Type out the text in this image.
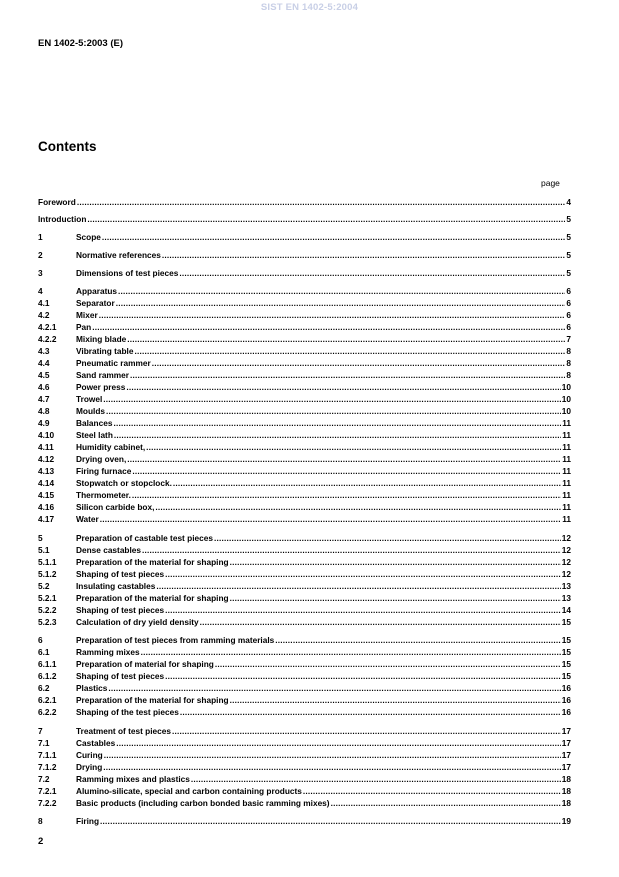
SIST EN 1402-5:2004
EN 1402-5:2003 (E)
Contents
page
Foreword .....	4
Introduction .....	5
1	Scope .....	5
2	Normative references .....	5
3	Dimensions of test pieces .....	5
4	Apparatus .....	6
4.1	Separator .....	6
4.2	Mixer .....	6
4.2.1	Pan .....	6
4.2.2	Mixing blade .....	7
4.3	Vibrating table .....	8
4.4	Pneumatic rammer .....	8
4.5	Sand rammer .....	8
4.6	Power press .....	10
4.7	Trowel .....	10
4.8	Moulds .....	10
4.9	Balances .....	11
4.10	Steel lath .....	11
4.11	Humidity cabinet, .....	11
4.12	Drying oven, .....	11
4.13	Firing furnace .....	11
4.14	Stopwatch or stopclock. .....	11
4.15	Thermometer. .....	11
4.16	Silicon carbide box, .....	11
4.17	Water .....	11
5	Preparation of castable test pieces .....	12
5.1	Dense castables .....	12
5.1.1	Preparation of the material for shaping .....	12
5.1.2	Shaping of test pieces .....	12
5.2	Insulating castables .....	13
5.2.1	Preparation of the material for shaping .....	13
5.2.2	Shaping of test pieces .....	14
5.2.3	Calculation of dry yield density .....	15
6	Preparation of test pieces from ramming materials .....	15
6.1	Ramming mixes .....	15
6.1.1	Preparation of material for shaping .....	15
6.1.2	Shaping of test pieces .....	15
6.2	Plastics .....	16
6.2.1	Preparation of the material for shaping .....	16
6.2.2	Shaping of the test pieces .....	16
7	Treatment of test pieces .....	17
7.1	Castables .....	17
7.1.1	Curing .....	17
7.1.2	Drying .....	17
7.2	Ramming mixes and plastics .....	18
7.2.1	Alumino-silicate, special and carbon containing products .....	18
7.2.2	Basic products (including carbon bonded basic ramming mixes) .....	18
8	Firing .....	19
2
